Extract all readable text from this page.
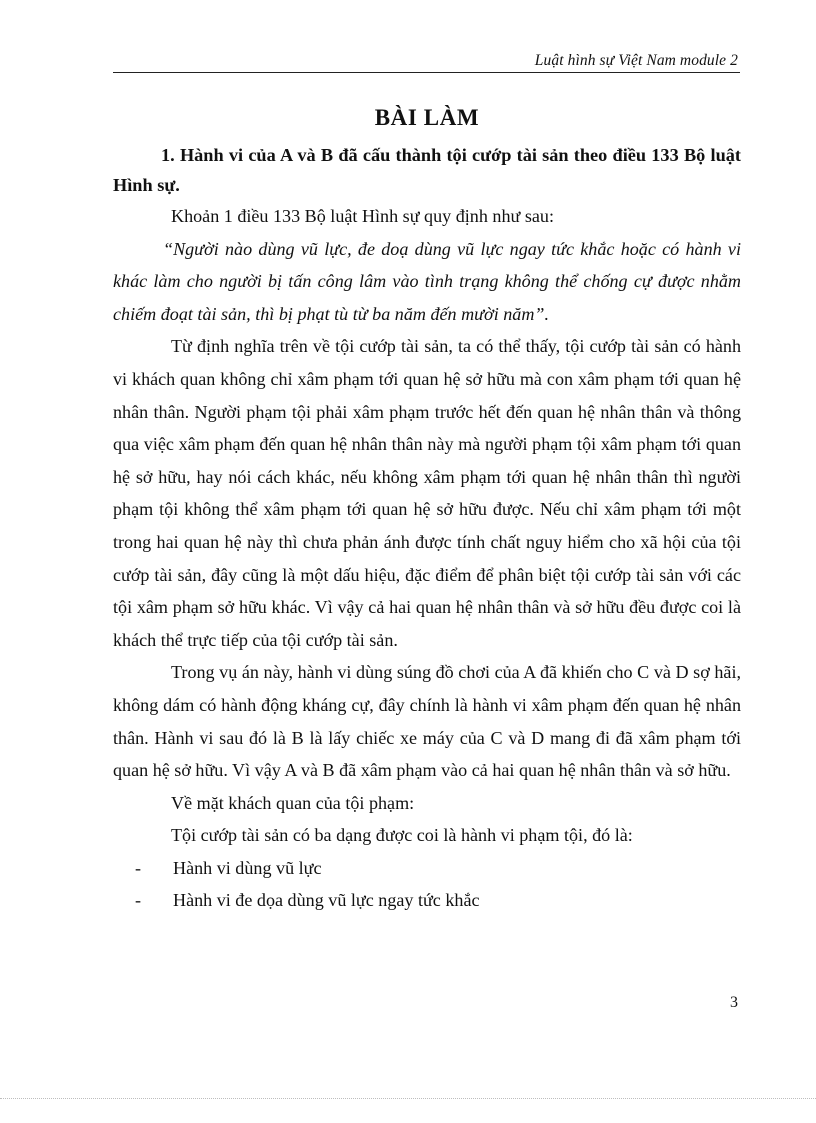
Luật hình sự Việt Nam module 2
BÀI LÀM

1. Hành vi của A và B đã cấu thành tội cướp tài sản theo điều 133 Bộ luật Hình sự.

Khoản 1 điều 133 Bộ luật Hình sự quy định như sau:

“Người nào dùng vũ lực, đe doạ dùng vũ lực ngay tức khắc hoặc có hành vi khác làm cho người bị tấn công lâm vào tình trạng không thể chống cự được nhằm chiếm đoạt tài sản, thì bị phạt tù từ ba năm đến mười năm”.

Từ định nghĩa trên về tội cướp tài sản, ta có thể thấy, tội cướp tài sản có hành vi khách quan không chỉ xâm phạm tới quan hệ sở hữu mà con xâm phạm tới quan hệ nhân thân. Người phạm tội phải xâm phạm trước hết đến quan hệ nhân thân và thông qua việc xâm phạm đến quan hệ nhân thân này mà người phạm tội xâm phạm tới quan hệ sở hữu, hay nói cách khác, nếu không xâm phạm tới quan hệ nhân thân thì người phạm tội không thể xâm phạm tới quan hệ sở hữu được. Nếu chỉ xâm phạm tới một trong hai quan hệ này thì chưa phản ánh được tính chất nguy hiểm cho xã hội của tội cướp tài sản, đây cũng là một dấu hiệu, đặc điểm để phân biệt tội cướp tài sản với các tội xâm phạm sở hữu khác. Vì vậy cả hai quan hệ nhân thân và sở hữu đều được coi là khách thể trực tiếp của tội cướp tài sản.

Trong vụ án này, hành vi dùng súng đồ chơi của A đã khiến cho C và D sợ hãi, không dám có hành động kháng cự, đây chính là hành vi xâm phạm đến quan hệ nhân thân. Hành vi sau đó là B là lấy chiếc xe máy của C và D mang đi đã xâm phạm tới quan hệ sở hữu. Vì vậy A và B đã xâm phạm vào cả hai quan hệ nhân thân và sở hữu.

Về mặt khách quan của tội phạm:

Tội cướp tài sản có ba dạng được coi là hành vi phạm tội, đó là:

- Hành vi dùng vũ lực

- Hành vi đe dọa dùng vũ lực ngay tức khắc

3
